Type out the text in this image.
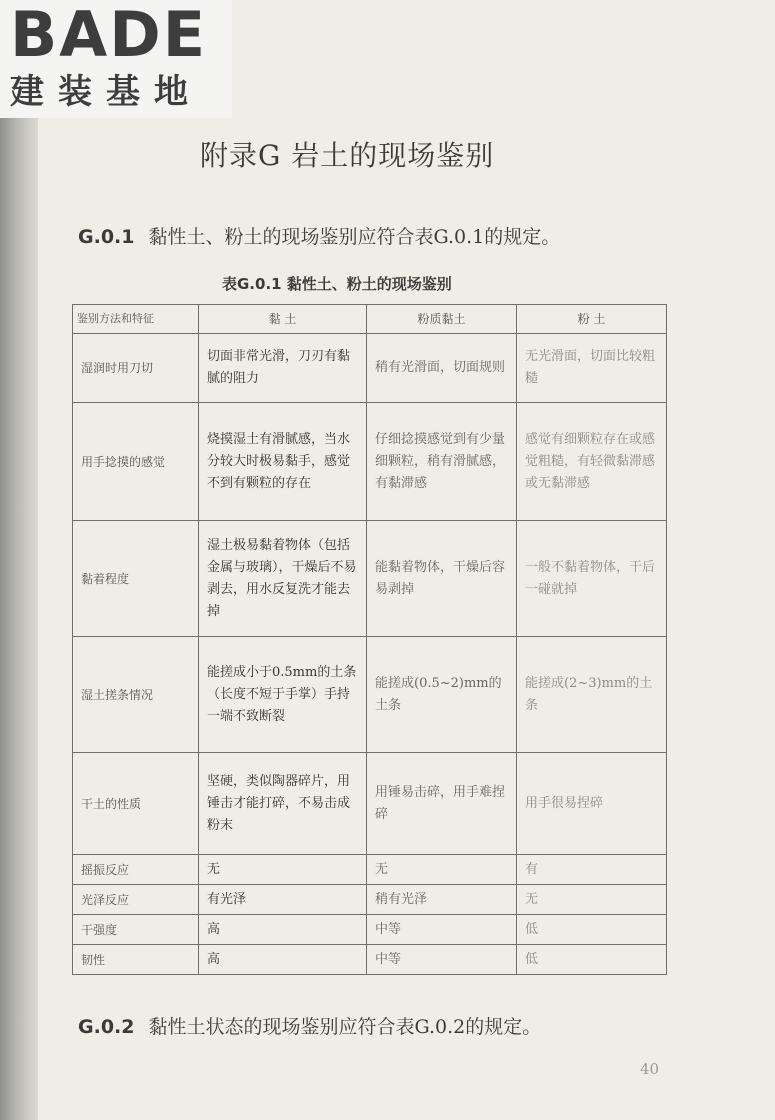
BADE
建装基地
附录G 岩土的现场鉴别
G.0.1 黏性土、粉土的现场鉴别应符合表G.0.1的规定。
表G.0.1 黏性土、粉土的现场鉴别
鉴别方法和特征	黏 土	粉质黏土	粉 土
湿润时用刀切	切面非常光滑，刀刃有黏腻的阻力	稍有光滑面，切面规则	无光滑面，切面比较粗糙
用手捻摸的感觉	烧摸湿土有滑腻感，当水分较大时极易黏手，感觉不到有颗粒的存在	仔细捻摸感觉到有少量细颗粒，稍有滑腻感，有黏滞感	感觉有细颗粒存在或感觉粗糙，有轻微黏滞感或无黏滞感
黏着程度	湿土极易黏着物体（包括金属与玻璃），干燥后不易剥去，用水反复洗才能去掉	能黏着物体，干燥后容易剥掉	一般不黏着物体，干后一碰就掉
湿土搓条情况	能搓成小于0.5mm的土条（长度不短于手掌）手持一端不致断裂	能搓成(0.5~2)mm的土条	能搓成(2~3)mm的土条
干土的性质	坚硬，类似陶器碎片，用锤击才能打碎，不易击成粉末	用锤易击碎，用手难捏碎	用手很易捏碎
摇振反应	无	无	有
光泽反应	有光泽	稍有光泽	无
干强度	高	中等	低
韧性	高	中等	低
G.0.2 黏性土状态的现场鉴别应符合表G.0.2的规定。
40
